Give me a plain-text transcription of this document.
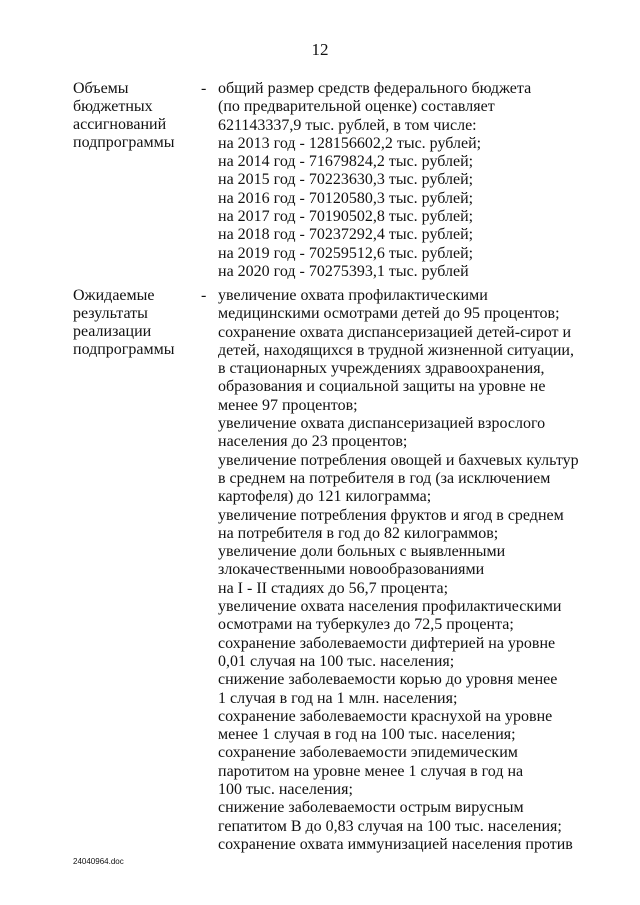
12
Объемы
бюджетных
ассигнований
подпрограммы
- общий размер средств федерального бюджета
(по предварительной оценке) составляет
621143337,9 тыс. рублей, в том числе:
на 2013 год - 128156602,2 тыс. рублей;
на 2014 год - 71679824,2 тыс. рублей;
на 2015 год - 70223630,3 тыс. рублей;
на 2016 год - 70120580,3 тыс. рублей;
на 2017 год - 70190502,8 тыс. рублей;
на 2018 год - 70237292,4 тыс. рублей;
на 2019 год - 70259512,6 тыс. рублей;
на 2020 год - 70275393,1 тыс. рублей
Ожидаемые
результаты
реализации
подпрограммы
- увеличение охвата профилактическими
медицинскими осмотрами детей до 95 процентов;
сохранение охвата диспансеризацией детей-сирот и
детей, находящихся в трудной жизненной ситуации,
в стационарных учреждениях здравоохранения,
образования и социальной защиты на уровне не
менее 97 процентов;
увеличение охвата диспансеризацией взрослого
населения до 23 процентов;
увеличение потребления овощей и бахчевых культур
в среднем на потребителя в год (за исключением
картофеля) до 121 килограмма;
увеличение потребления фруктов и ягод в среднем
на потребителя в год до 82 килограммов;
увеличение доли больных с выявленными
злокачественными новообразованиями
на I - II стадиях до 56,7 процента;
увеличение охвата населения профилактическими
осмотрами на туберкулез до 72,5 процента;
сохранение заболеваемости дифтерией на уровне
0,01 случая на 100 тыс. населения;
снижение заболеваемости корью до уровня менее
1 случая в год на 1 млн. населения;
сохранение заболеваемости краснухой на уровне
менее 1 случая в год на 100 тыс. населения;
сохранение заболеваемости эпидемическим
паротитом на уровне менее 1 случая в год на
100 тыс. населения;
снижение заболеваемости острым вирусным
гепатитом В до 0,83 случая на 100 тыс. населения;
сохранение охвата иммунизацией населения против
24040964.doc
